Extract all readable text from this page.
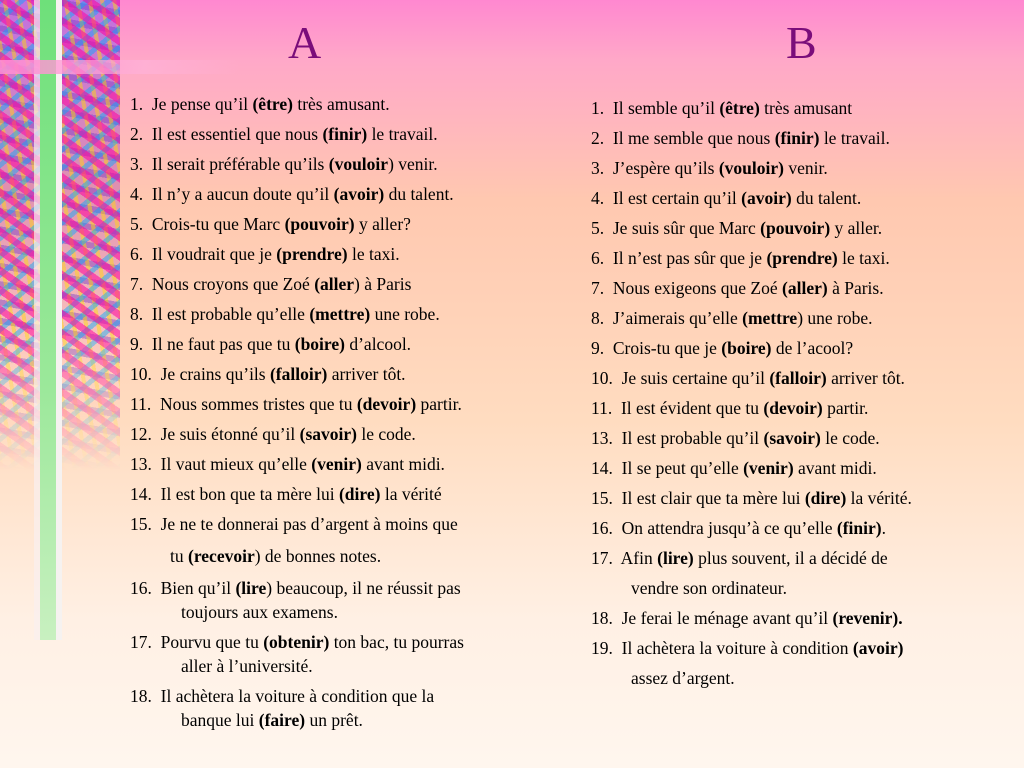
A	B
1. Je pense qu’il (être) très amusant.
2. Il est essentiel que nous (finir) le travail.
3. Il serait préférable qu’ils (vouloir) venir.
4. Il n’y a aucun doute qu’il (avoir) du talent.
5. Crois-tu que Marc (pouvoir) y aller?
6. Il voudrait que je (prendre) le taxi.
7. Nous croyons que Zoé (aller) à Paris
8. Il est probable qu’elle (mettre) une robe.
9. Il ne faut pas que tu (boire) d’alcool.
10. Je crains qu’ils (falloir) arriver tôt.
11. Nous sommes tristes que tu (devoir) partir.
12. Je suis étonné qu’il (savoir) le code.
13. Il vaut mieux qu’elle (venir) avant midi.
14. Il est bon que ta mère lui (dire) la vérité
15. Je ne te donnerai pas d’argent à moins que
tu (recevoir) de bonnes notes.
16. Bien qu’il (lire) beaucoup, il ne réussit pas
toujours aux examens.
17. Pourvu que tu (obtenir) ton bac, tu pourras
aller à l’université.
18. Il achètera la voiture à condition que la
banque lui (faire) un prêt.
1. Il semble qu’il (être) très amusant
2. Il me semble que nous (finir) le travail.
3. J’espère qu’ils (vouloir) venir.
4. Il est certain qu’il (avoir) du talent.
5. Je suis sûr que Marc (pouvoir) y aller.
6. Il n’est pas sûr que je (prendre) le taxi.
7. Nous exigeons que Zoé (aller) à Paris.
8. J’aimerais qu’elle (mettre) une robe.
9. Crois-tu que je (boire) de l’acool?
10. Je suis certaine qu’il (falloir) arriver tôt.
11. Il est évident que tu (devoir) partir.
13. Il est probable qu’il (savoir) le code.
14. Il se peut qu’elle (venir) avant midi.
15. Il est clair que ta mère lui (dire) la vérité.
16. On attendra jusqu’à ce qu’elle (finir).
17. Afin (lire) plus souvent, il a décidé de
vendre son ordinateur.
18. Je ferai le ménage avant qu’il (revenir).
19. Il achètera la voiture à condition (avoir)
assez d’argent.
